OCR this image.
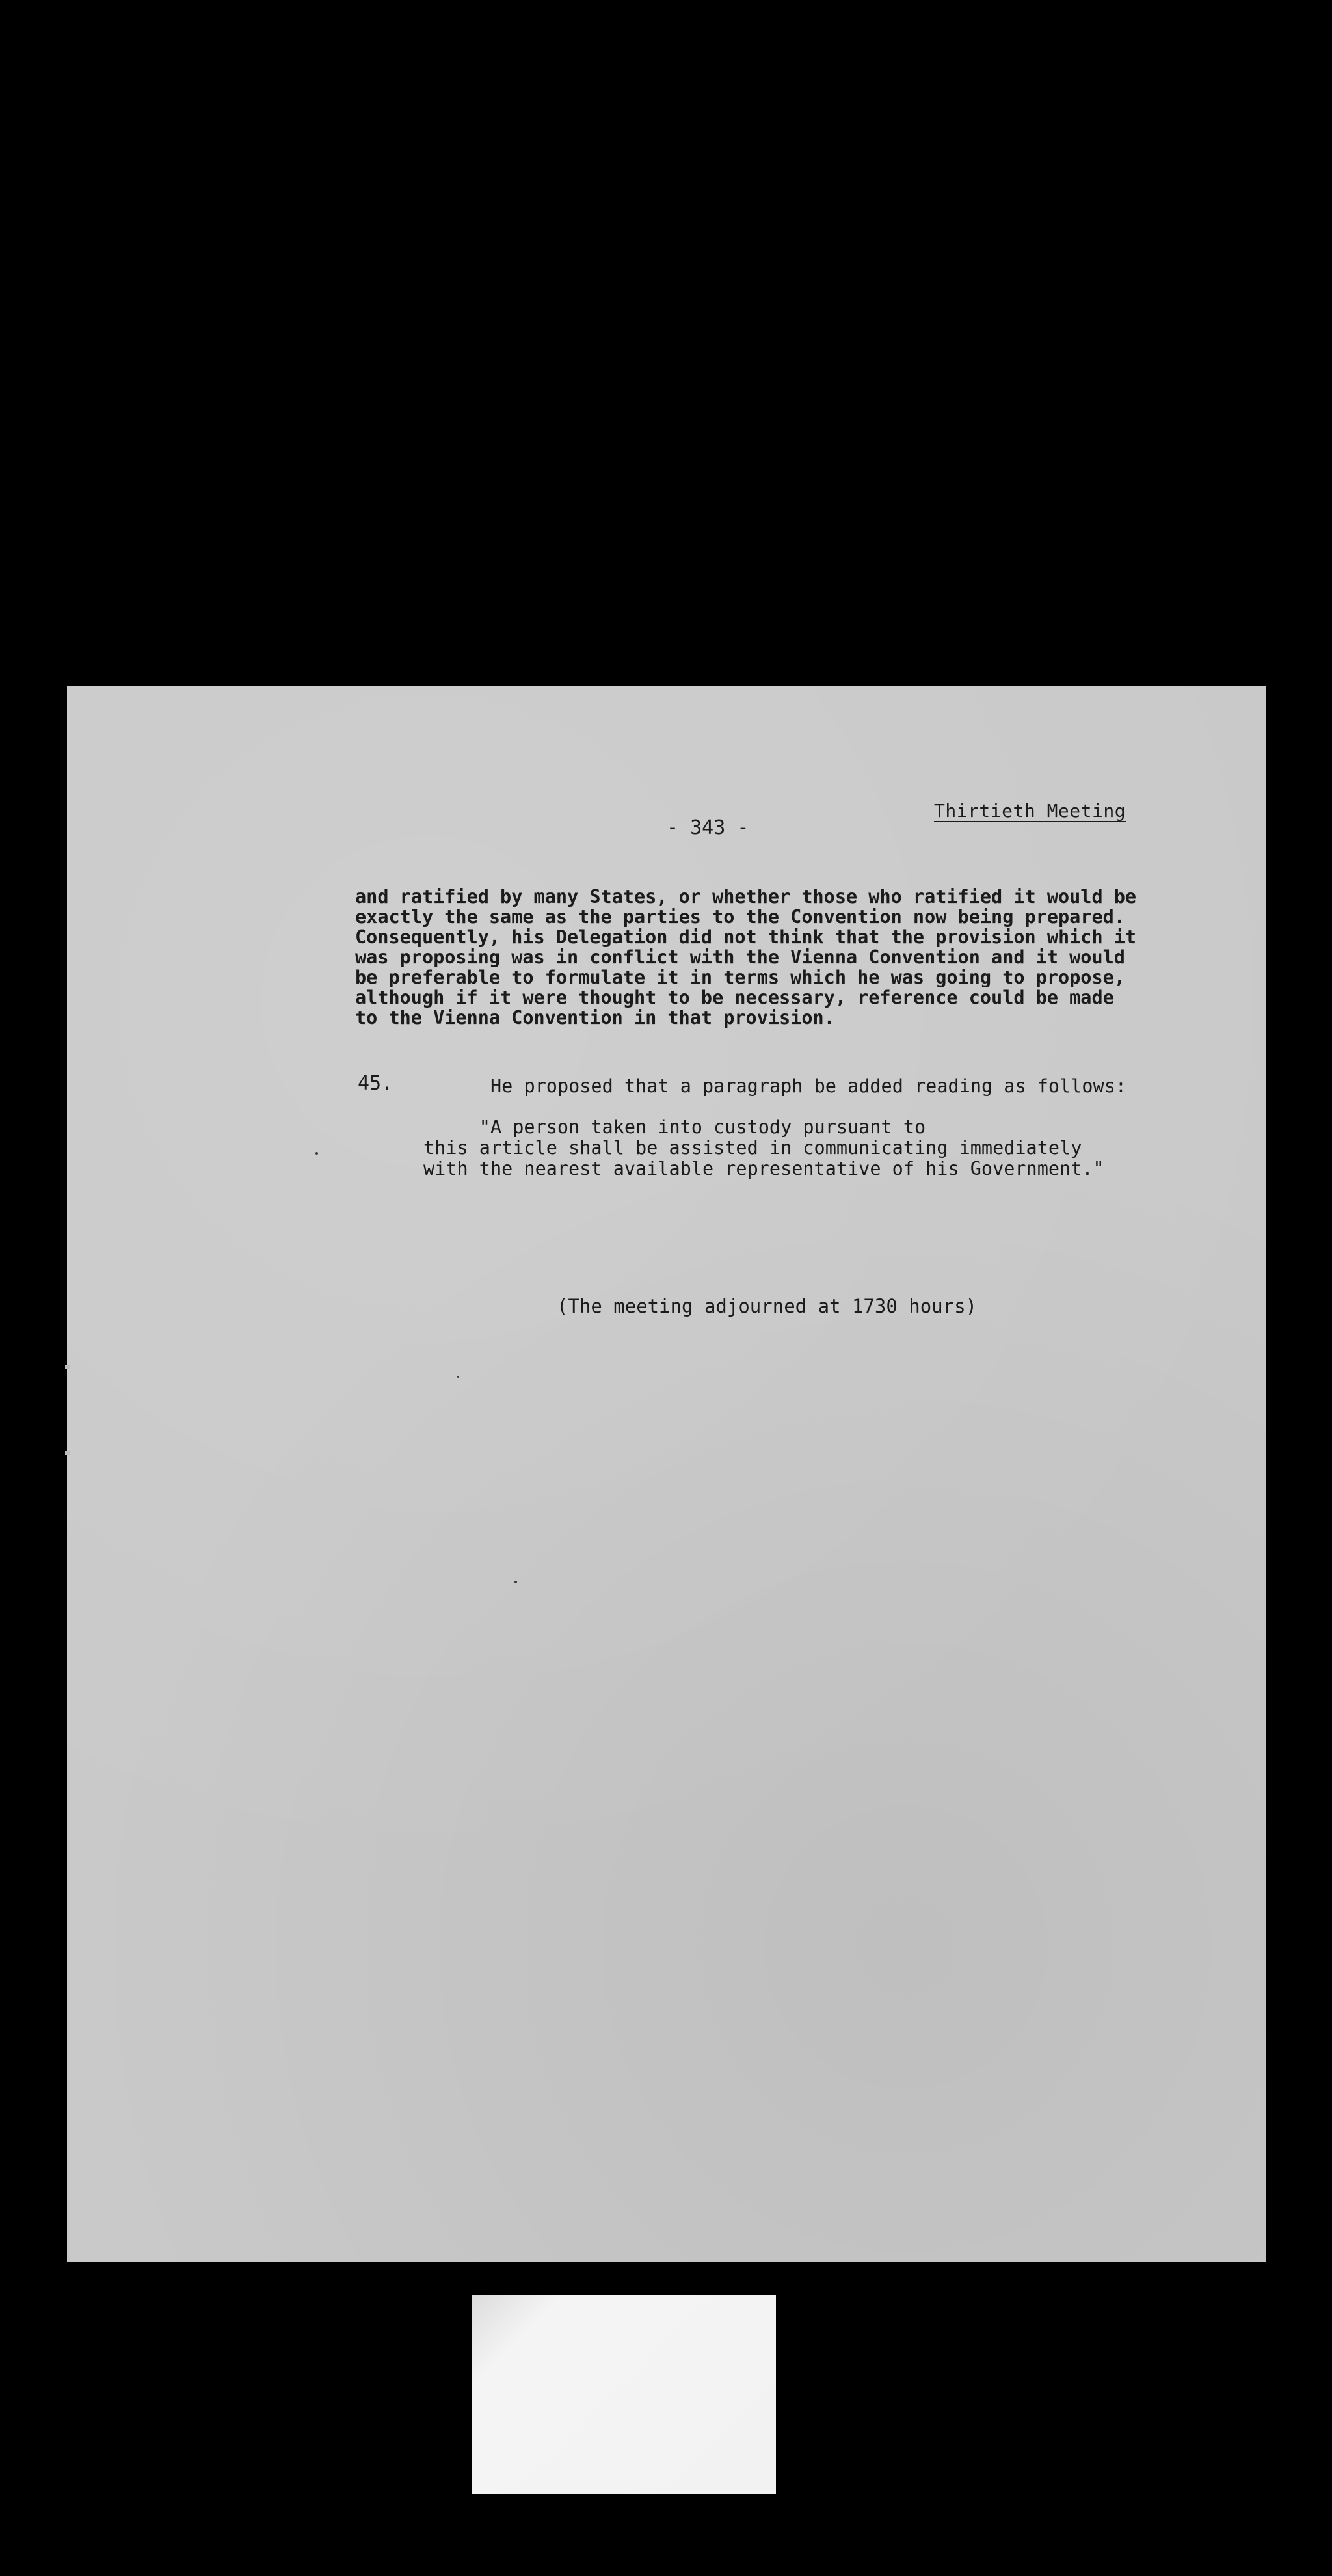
Thirtieth Meeting
- 343 -
and ratified by many States, or whether those who ratified it would be
exactly the same as the parties to the Convention now being prepared.
Consequently, his Delegation did not think that the provision which it
was proposing was in conflict with the Vienna Convention and it would
be preferable to formulate it in terms which he was going to propose,
although if it were thought to be necessary, reference could be made
to the Vienna Convention in that provision.
45.	He proposed that a paragraph be added reading as follows:
"A person taken into custody pursuant to
this article shall be assisted in communicating immediately
with the nearest available representative of his Government."
(The meeting adjourned at 1730 hours)
